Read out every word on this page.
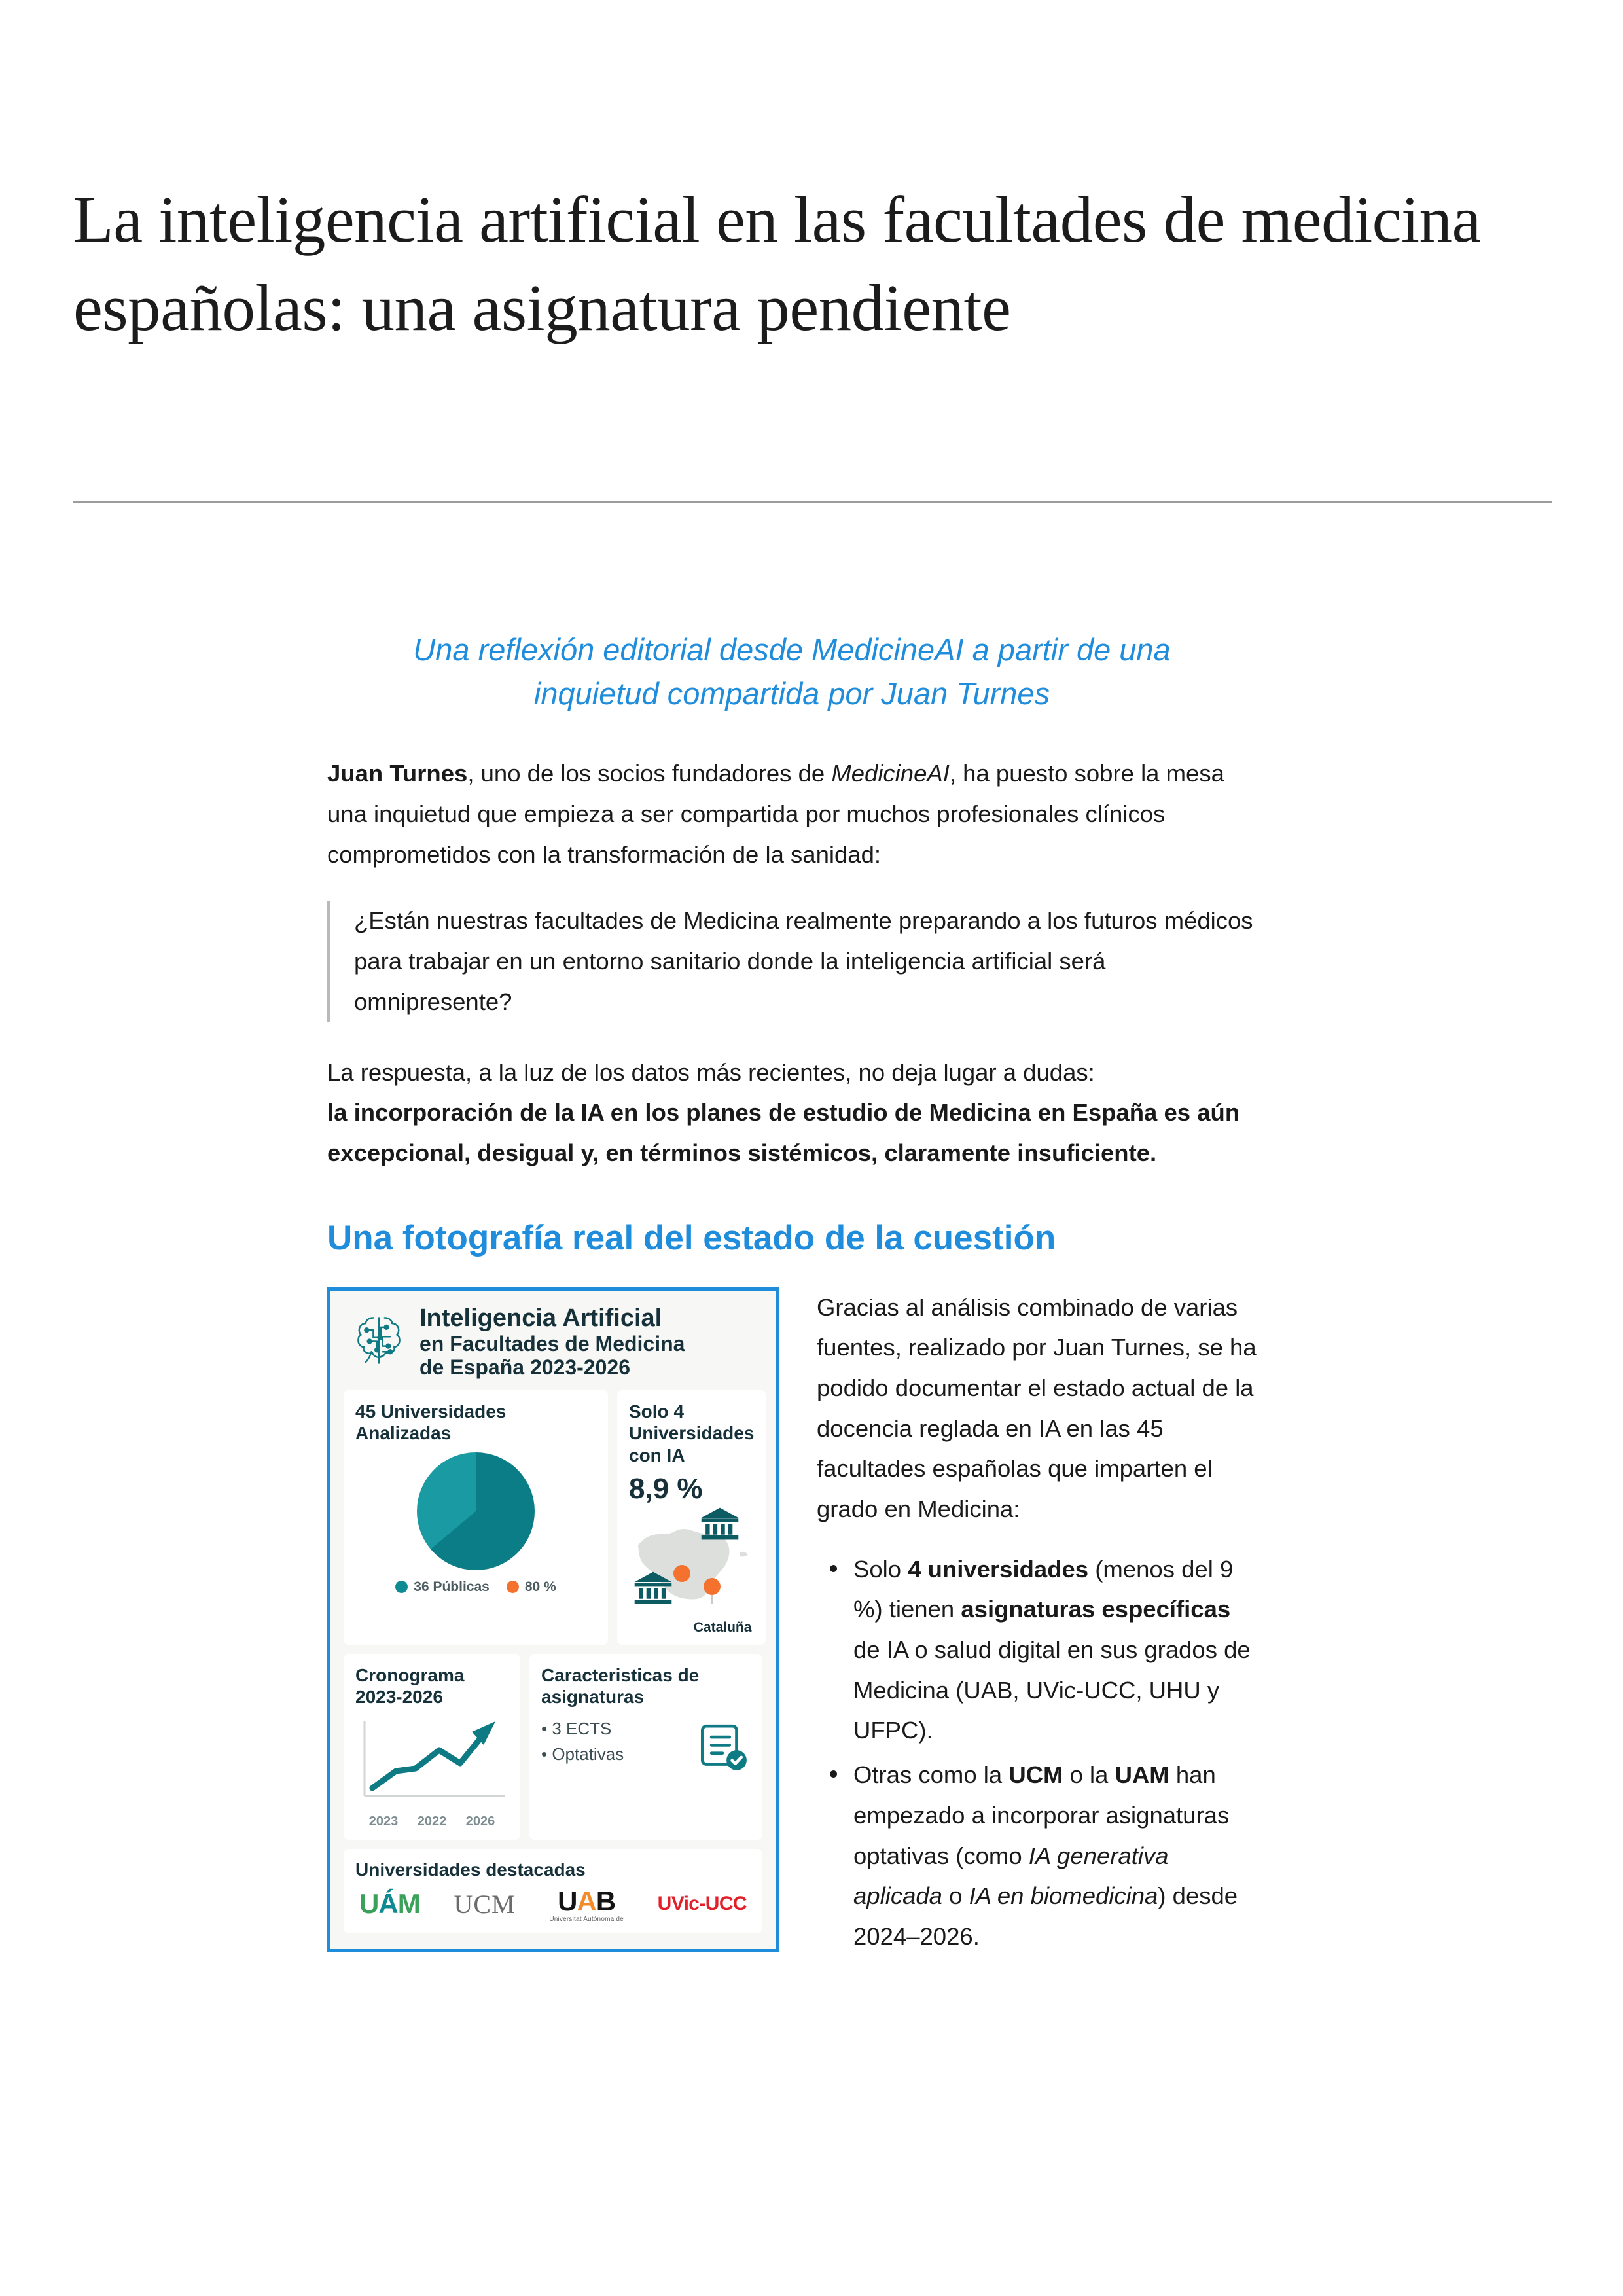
La inteligencia artificial en las facultades de medicina españolas: una asignatura pendiente
Una reflexión editorial desde MedicineAI a partir de una inquietud compartida por Juan Turnes

Juan Turnes, uno de los socios fundadores de MedicineAI, ha puesto sobre la mesa una inquietud que empieza a ser compartida por muchos profesionales clínicos comprometidos con la transformación de la sanidad:

¿Están nuestras facultades de Medicina realmente preparando a los futuros médicos para trabajar en un entorno sanitario donde la inteligencia artificial será omnipresente?

La respuesta, a la luz de los datos más recientes, no deja lugar a dudas:
la incorporación de la IA en los planes de estudio de Medicina en España es aún excepcional, desigual y, en términos sistémicos, claramente insuficiente.

Una fotografía real del estado de la cuestión
Inteligencia Artificial
en Facultades de Medicina
de España 2023-2026
45 Universidades Analizadas
36 Públicas	80 %
Solo 4 Universidades con IA
8,9 %
Cataluña
Cronograma 2023-2026
2023 2022 2026
Caracteristicas de asignaturas
• 3 ECTS
• Optativas
Universidades destacadas
UÁM UCM	UAB
Universitat Autònoma de
UVic-UCC

Gracias al análisis combinado de varias fuentes, realizado por Juan Turnes, se ha podido documentar el estado actual de la docencia reglada en IA en las 45 facultades españolas que imparten el grado en Medicina:

Solo 4 universidades (menos del 9 %) tienen asignaturas específicas de IA o salud digital en sus grados de Medicina (UAB, UVic-UCC, UHU y UFPC).
Otras como la UCM o la UAM han empezado a incorporar asignaturas optativas (como IA generativa aplicada o IA en biomedicina) desde 2024–2026.
